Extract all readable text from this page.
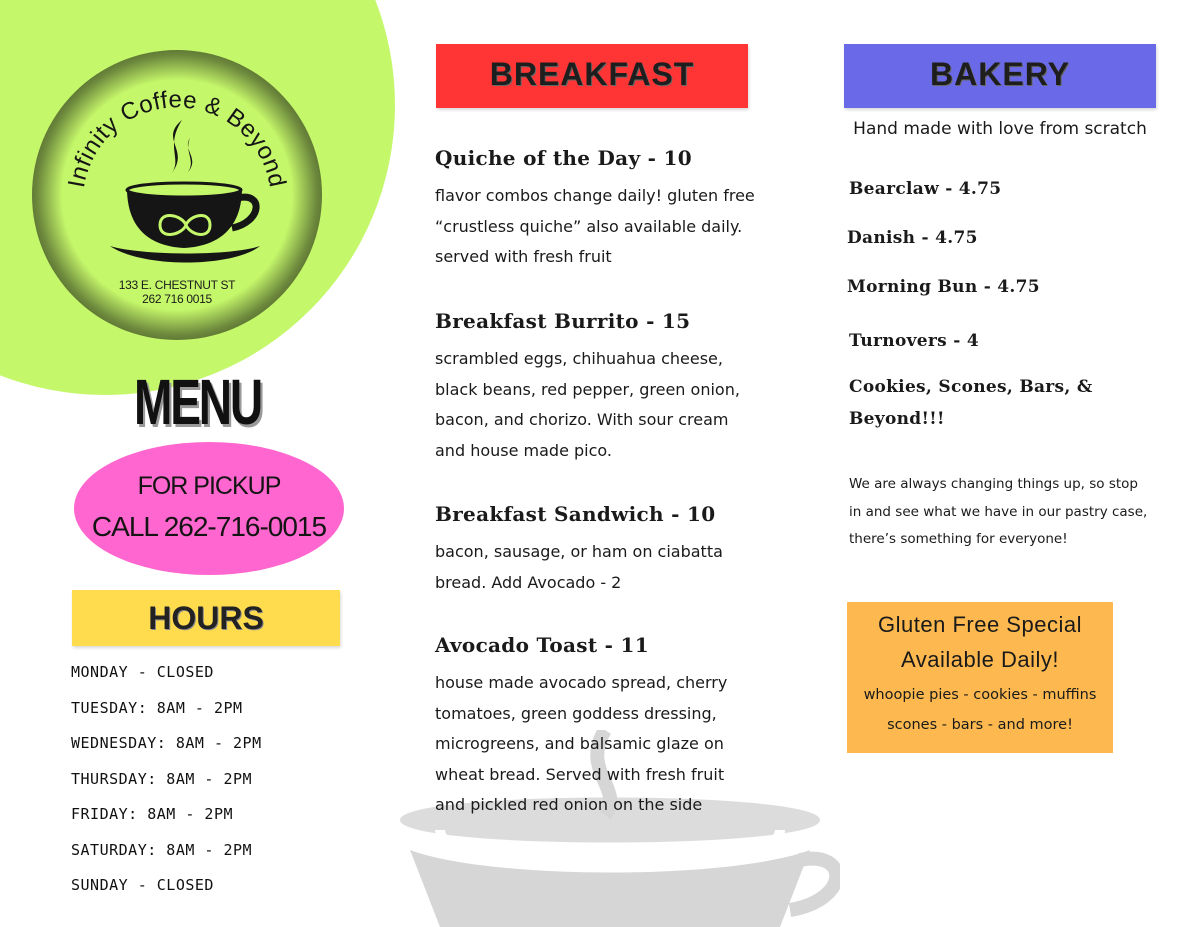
Infinity Coffee & Beyond
133 E. CHESTNUT ST
262 716 0015
MENU
FOR PICKUP
CALL 262-716-0015
HOURS
MONDAY - CLOSED
TUESDAY: 8AM - 2PM
WEDNESDAY: 8AM - 2PM
THURSDAY: 8AM - 2PM
FRIDAY: 8AM - 2PM
SATURDAY: 8AM - 2PM
SUNDAY - CLOSED
BREAKFAST
Quiche of the Day - 10
flavor combos change daily! gluten free
“crustless quiche” also available daily.
served with fresh fruit
Breakfast Burrito - 15
scrambled eggs, chihuahua cheese,
black beans, red pepper, green onion,
bacon, and chorizo. With sour cream
and house made pico.
Breakfast Sandwich - 10
bacon, sausage, or ham on ciabatta
bread. Add Avocado - 2
Avocado Toast - 11
house made avocado spread, cherry
tomatoes, green goddess dressing,
microgreens, and balsamic glaze on
wheat bread. Served with fresh fruit
and pickled red onion on the side
BAKERY
Hand made with love from scratch
Bearclaw - 4.75
Danish - 4.75
Morning Bun - 4.75
Turnovers - 4
Cookies, Scones, Bars, &
Beyond!!!
We are always changing things up, so stop
in and see what we have in our pastry case,
there’s something for everyone!
Gluten Free Special
Available Daily!
whoopie pies - cookies - muffins
scones - bars - and more!
